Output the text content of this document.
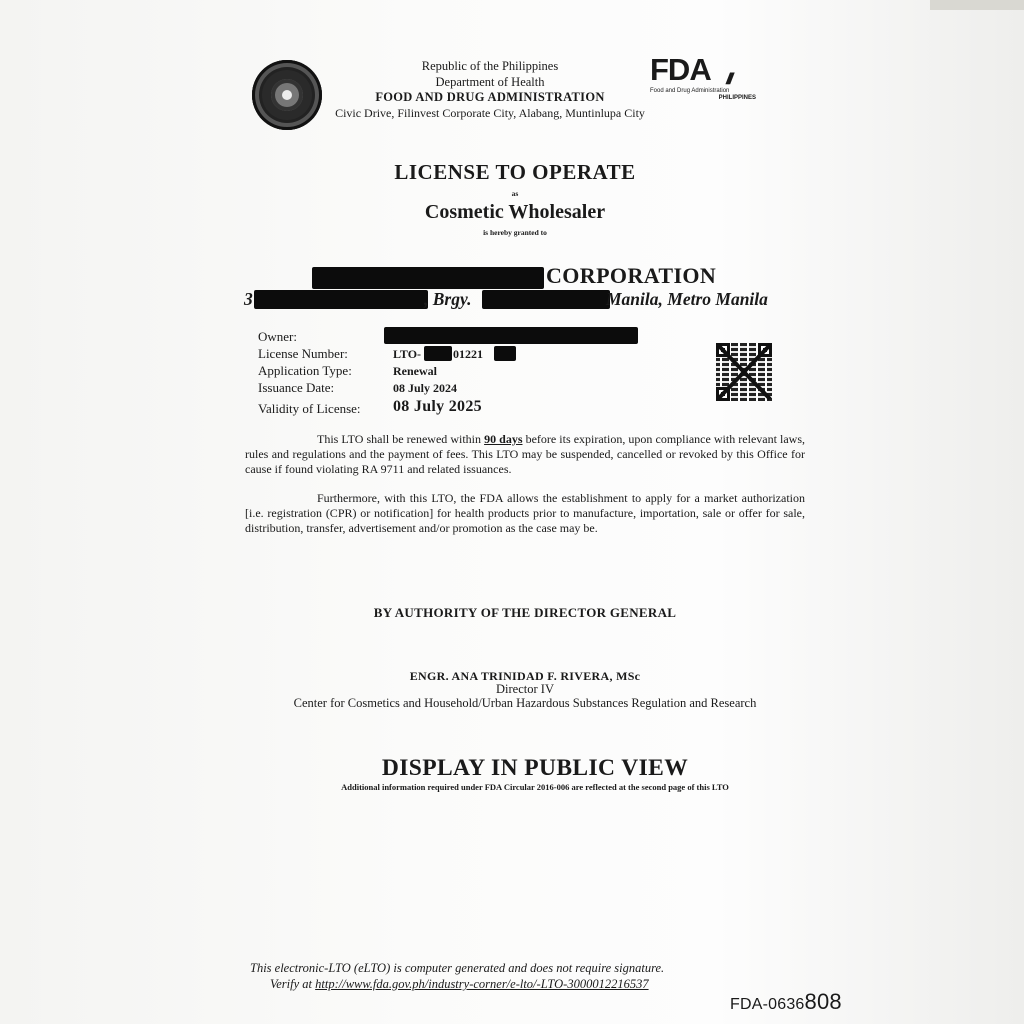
Republic of the Philippines
Department of Health
FOOD AND DRUG ADMINISTRATION
Civic Drive, Filinvest Corporate City, Alabang, Muntinlupa City
FDA ///
Food and Drug Administration
PHILIPPINES
LICENSE TO OPERATE
as
Cosmetic Wholesaler
is hereby granted to
CORPORATION
3	, Brgy.	Manila, Metro Manila
Owner:
License Number:	LTO-	01221
Application Type:	Renewal
Issuance Date:	08 July 2024
Validity of License: 08 July 2025
This LTO shall be renewed within 90 days before its expiration, upon compliance with relevant laws, rules and regulations and the payment of fees. This LTO may be suspended, cancelled or revoked by this Office for cause if found violating RA 9711 and related issuances.
Furthermore, with this LTO, the FDA allows the establishment to apply for a market authorization [i.e. registration (CPR) or notification] for health products prior to manufacture, importation, sale or offer for sale, distribution, transfer, advertisement and/or promotion as the case may be.
BY AUTHORITY OF THE DIRECTOR GENERAL
ENGR. ANA TRINIDAD F. RIVERA, MSc
Director IV
Center for Cosmetics and Household/Urban Hazardous Substances Regulation and Research
DISPLAY IN PUBLIC VIEW
Additional information required under FDA Circular 2016-006 are reflected at the second page of this LTO
This electronic-LTO (eLTO) is computer generated and does not require signature.
Verify at http://www.fda.gov.ph/industry-corner/e-lto/-LTO-3000012216537
FDA-0636808
